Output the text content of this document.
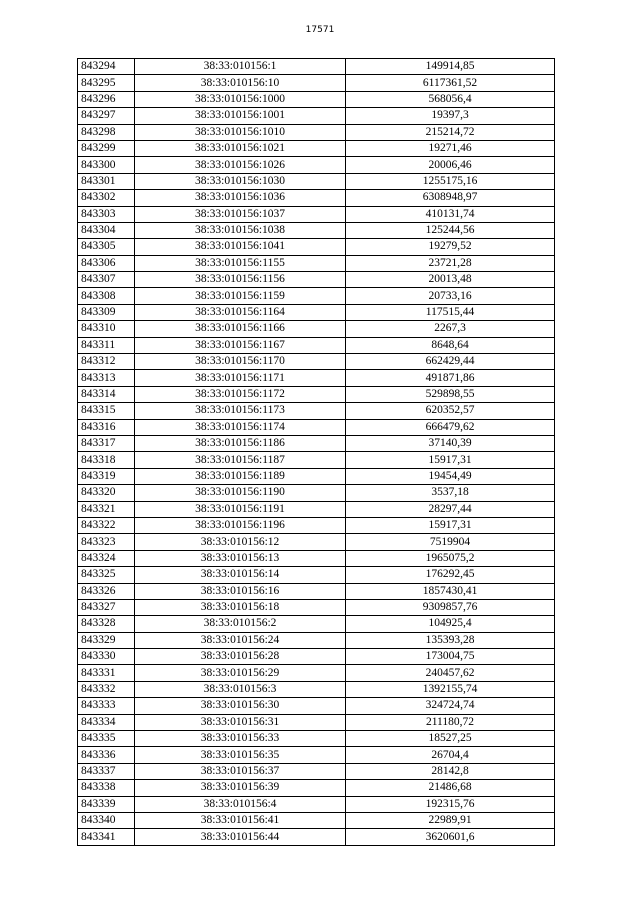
17571
843294	38:33:010156:1	149914,85
843295	38:33:010156:10	6117361,52
843296	38:33:010156:1000	568056,4
843297	38:33:010156:1001	19397,3
843298	38:33:010156:1010	215214,72
843299	38:33:010156:1021	19271,46
843300	38:33:010156:1026	20006,46
843301	38:33:010156:1030	1255175,16
843302	38:33:010156:1036	6308948,97
843303	38:33:010156:1037	410131,74
843304	38:33:010156:1038	125244,56
843305	38:33:010156:1041	19279,52
843306	38:33:010156:1155	23721,28
843307	38:33:010156:1156	20013,48
843308	38:33:010156:1159	20733,16
843309	38:33:010156:1164	117515,44
843310	38:33:010156:1166	2267,3
843311	38:33:010156:1167	8648,64
843312	38:33:010156:1170	662429,44
843313	38:33:010156:1171	491871,86
843314	38:33:010156:1172	529898,55
843315	38:33:010156:1173	620352,57
843316	38:33:010156:1174	666479,62
843317	38:33:010156:1186	37140,39
843318	38:33:010156:1187	15917,31
843319	38:33:010156:1189	19454,49
843320	38:33:010156:1190	3537,18
843321	38:33:010156:1191	28297,44
843322	38:33:010156:1196	15917,31
843323	38:33:010156:12	7519904
843324	38:33:010156:13	1965075,2
843325	38:33:010156:14	176292,45
843326	38:33:010156:16	1857430,41
843327	38:33:010156:18	9309857,76
843328	38:33:010156:2	104925,4
843329	38:33:010156:24	135393,28
843330	38:33:010156:28	173004,75
843331	38:33:010156:29	240457,62
843332	38:33:010156:3	1392155,74
843333	38:33:010156:30	324724,74
843334	38:33:010156:31	211180,72
843335	38:33:010156:33	18527,25
843336	38:33:010156:35	26704,4
843337	38:33:010156:37	28142,8
843338	38:33:010156:39	21486,68
843339	38:33:010156:4	192315,76
843340	38:33:010156:41	22989,91
843341	38:33:010156:44	3620601,6
